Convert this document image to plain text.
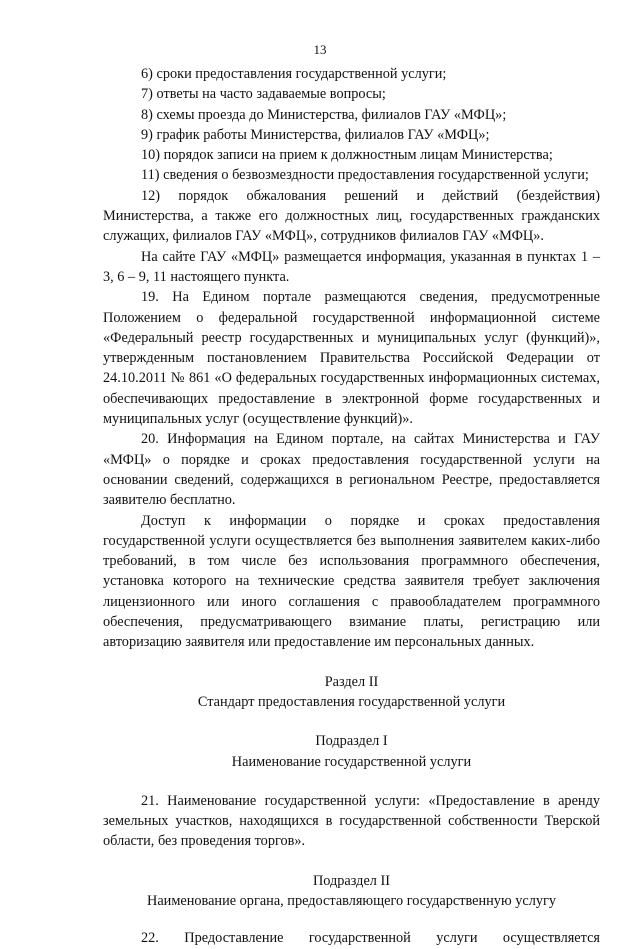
13

6) сроки предоставления государственной услуги;

7) ответы на часто задаваемые вопросы;

8) схемы проезда до Министерства, филиалов ГАУ «МФЦ»;

9) график работы Министерства, филиалов ГАУ «МФЦ»;

10) порядок записи на прием к должностным лицам Министерства;

11) сведения о безвозмездности предоставления государственной услуги;

12) порядок обжалования решений и действий (бездействия) Министерства, а также его должностных лиц, государственных гражданских служащих, филиалов ГАУ «МФЦ», сотрудников филиалов ГАУ «МФЦ».

На сайте ГАУ «МФЦ» размещается информация, указанная в пунктах 1 – 3, 6 – 9, 11 настоящего пункта.

19. На Едином портале размещаются сведения, предусмотренные Положением о федеральной государственной информационной системе «Федеральный реестр государственных и муниципальных услуг (функций)», утвержденным постановлением Правительства Российской Федерации от 24.10.2011 № 861 «О федеральных государственных информационных системах, обеспечивающих предоставление в электронной форме государственных и муниципальных услуг (осуществление функций)».

20. Информация на Едином портале, на сайтах Министерства и ГАУ «МФЦ» о порядке и сроках предоставления государственной услуги на основании сведений, содержащихся в региональном Реестре, предоставляется заявителю бесплатно.

Доступ к информации о порядке и сроках предоставления государственной услуги осуществляется без выполнения заявителем каких-либо требований, в том числе без использования программного обеспечения, установка которого на технические средства заявителя требует заключения лицензионного или иного соглашения с правообладателем программного обеспечения, предусматривающего взимание платы, регистрацию или авторизацию заявителя или предоставление им персональных данных.

Раздел II

Стандарт предоставления государственной услуги

Подраздел I

Наименование государственной услуги

21. Наименование государственной услуги: «Предоставление в аренду земельных участков, находящихся в государственной собственности Тверской области, без проведения торгов».

Подраздел II

Наименование органа, предоставляющего государственную услугу

22. Предоставление государственной услуги осуществляется
